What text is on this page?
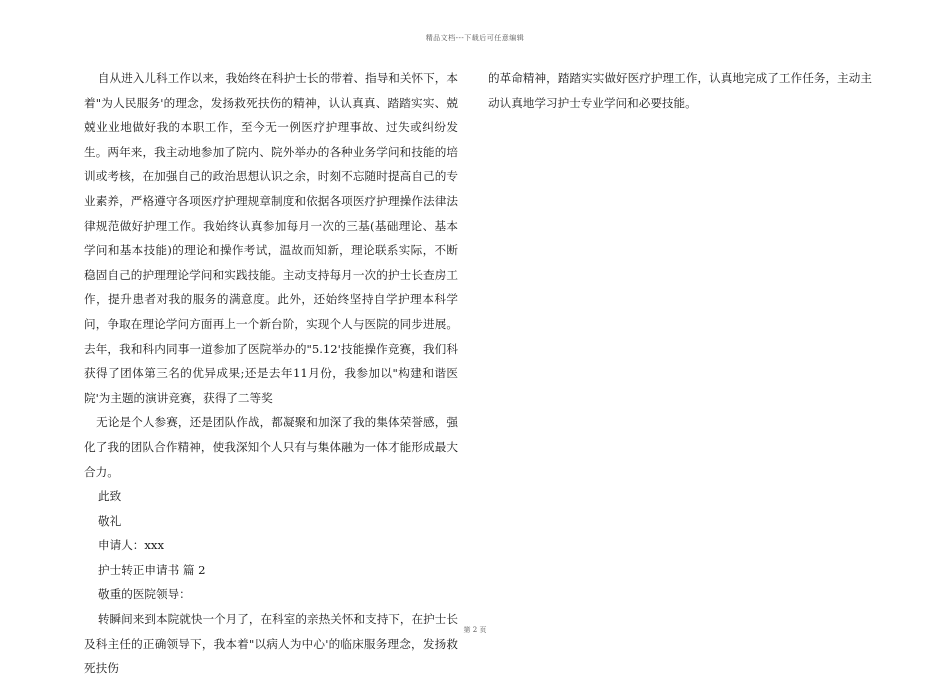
精品文档---下载后可任意编辑

自从进入儿科工作以来，我始终在科护士长的带着、指导和关怀下，本着"为人民服务'的理念，发扬救死扶伤的精神，认认真真、踏踏实实、兢兢业业地做好我的本职工作，至今无一例医疗护理事故、过失或纠纷发生。两年来，我主动地参加了院内、院外举办的各种业务学问和技能的培训或考核，在加强自己的政治思想认识之余，时刻不忘随时提高自己的专业素养，严格遵守各项医疗护理规章制度和依据各项医疗护理操作法律法律规范做好护理工作。我始终认真参加每月一次的三基(基础理论、基本学问和基本技能)的理论和操作考试，温故而知新，理论联系实际，不断稳固自己的护理理论学问和实践技能。主动支持每月一次的护士长查房工作，提升患者对我的服务的满意度。此外，还始终坚持自学护理本科学问，争取在理论学问方面再上一个新台阶，实现个人与医院的同步进展。去年，我和科内同事一道参加了医院举办的"5.12'技能操作竞赛，我们科获得了团体第三名的优异成果;还是去年11月份，我参加以"构建和谐医院'为主题的演讲竞赛，获得了二等奖

无论是个人参赛，还是团队作战，都凝聚和加深了我的集体荣誉感，强化了我的团队合作精神，使我深知个人只有与集体融为一体才能形成最大合力。

此致

敬礼

申请人：xxx

护士转正申请书 篇 2

敬重的医院领导：

转瞬间来到本院就快一个月了，在科室的亲热关怀和支持下，在护士长及科主任的正确领导下，我本着"以病人为中心'的临床服务理念，发扬救死扶伤

的革命精神，踏踏实实做好医疗护理工作，认真地完成了工作任务，主动主动认真地学习护士专业学问和必要技能。

第 2 页
